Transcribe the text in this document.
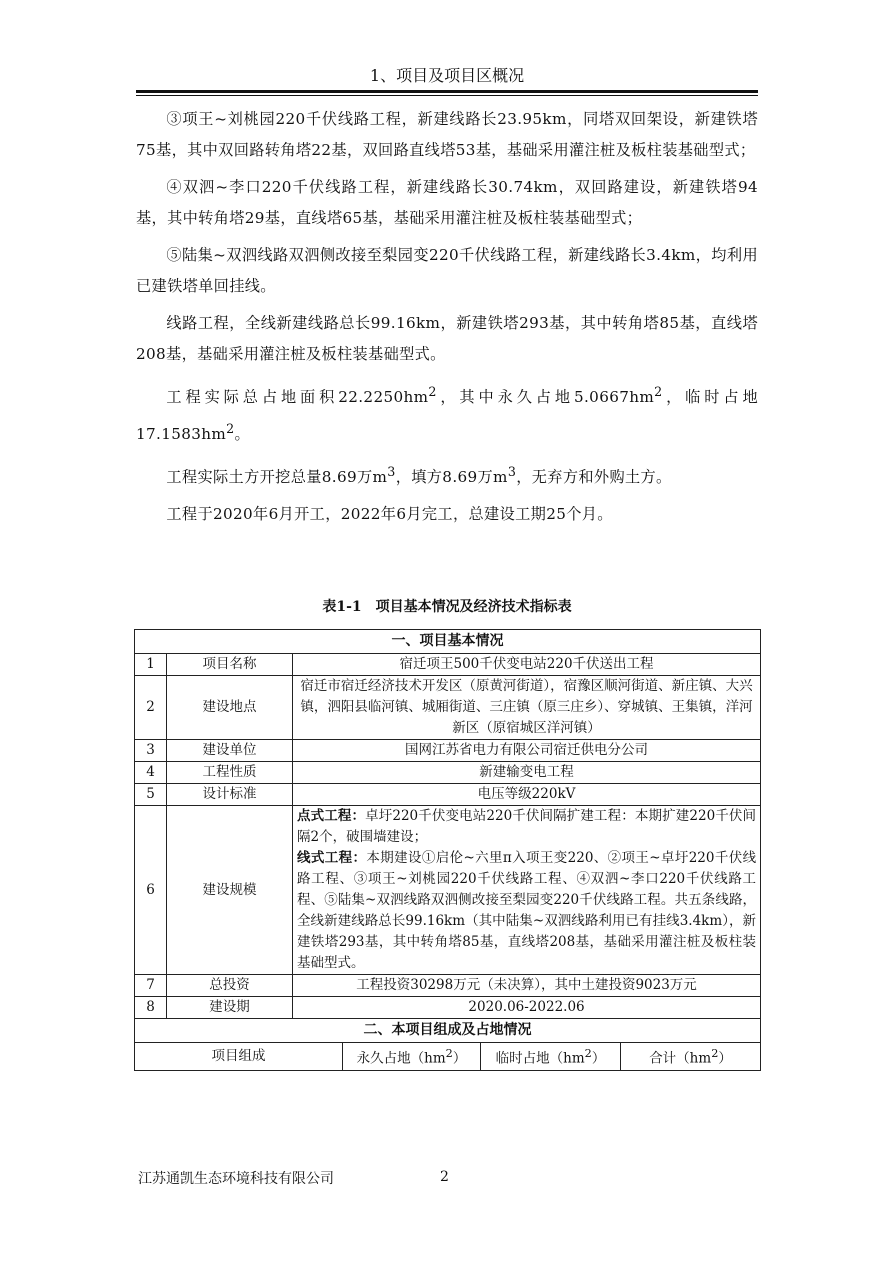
1、项目及项目区概况

③项王~刘桃园220千伏线路工程，新建线路长23.95km，同塔双回架设，新建铁塔75基，其中双回路转角塔22基，双回路直线塔53基，基础采用灌注桩及板柱装基础型式；

④双泗~李口220千伏线路工程，新建线路长30.74km，双回路建设，新建铁塔94基，其中转角塔29基，直线塔65基，基础采用灌注桩及板柱装基础型式；

⑤陆集~双泗线路双泗侧改接至梨园变220千伏线路工程，新建线路长3.4km，均利用已建铁塔单回挂线。

线路工程，全线新建线路总长99.16km，新建铁塔293基，其中转角塔85基，直线塔208基，基础采用灌注桩及板柱装基础型式。

工程实际总占地面积$22.2250hm^2$，其中永久占地$5.0667hm^2$，临时占地$17.1583hm^2$。

工程实际土方开挖总量8.69万$m^3$，填方8.69万$m^3$，无弃方和外购土方。

工程于2020年6月开工，2022年6月完工，总建设工期25个月。

表1-1 项目基本情况及经济技术指标表
一、项目基本情况					
1	项目名称	宿迁项王500千伏变电站220千伏送出工程			
2	建设地点	宿迁市宿迁经济技术开发区（原黄河街道），宿豫区顺河街道、新庄镇、大兴镇，泗阳县临河镇、城厢街道、三庄镇（原三庄乡）、穿城镇、王集镇，洋河新区（原宿城区洋河镇）			
3	建设单位	国网江苏省电力有限公司宿迁供电分公司			
4	工程性质	新建输变电工程			
5	设计标准	电压等级220kV			
6	建设规模	点式工程：卓圩220千伏变电站220千伏间隔扩建工程：本期扩建220千伏间隔2个，破围墙建设；
线式工程：本期建设①启伦~六里π入项王变220、②项王~卓圩220千伏线路工程、③项王~刘桃园220千伏线路工程、④双泗~李口220千伏线路工程、⑤陆集~双泗线路双泗侧改接至梨园变220千伏线路工程。共五条线路，全线新建线路总长99.16km（其中陆集~双泗线路利用已有挂线3.4km），新建铁塔293基，其中转角塔85基，直线塔208基，基础采用灌注桩及板柱装基础型式。			
7	总投资	工程投资30298万元（未决算），其中土建投资9023万元			
8	建设期	2020.06-2022.06			
二、本项目组成及占地情况					
项目组成			永久占地$(hm^2)$	临时占地$(hm^2)$	合计$(hm^2)$
江苏通凯生态环境科技有限公司	2
